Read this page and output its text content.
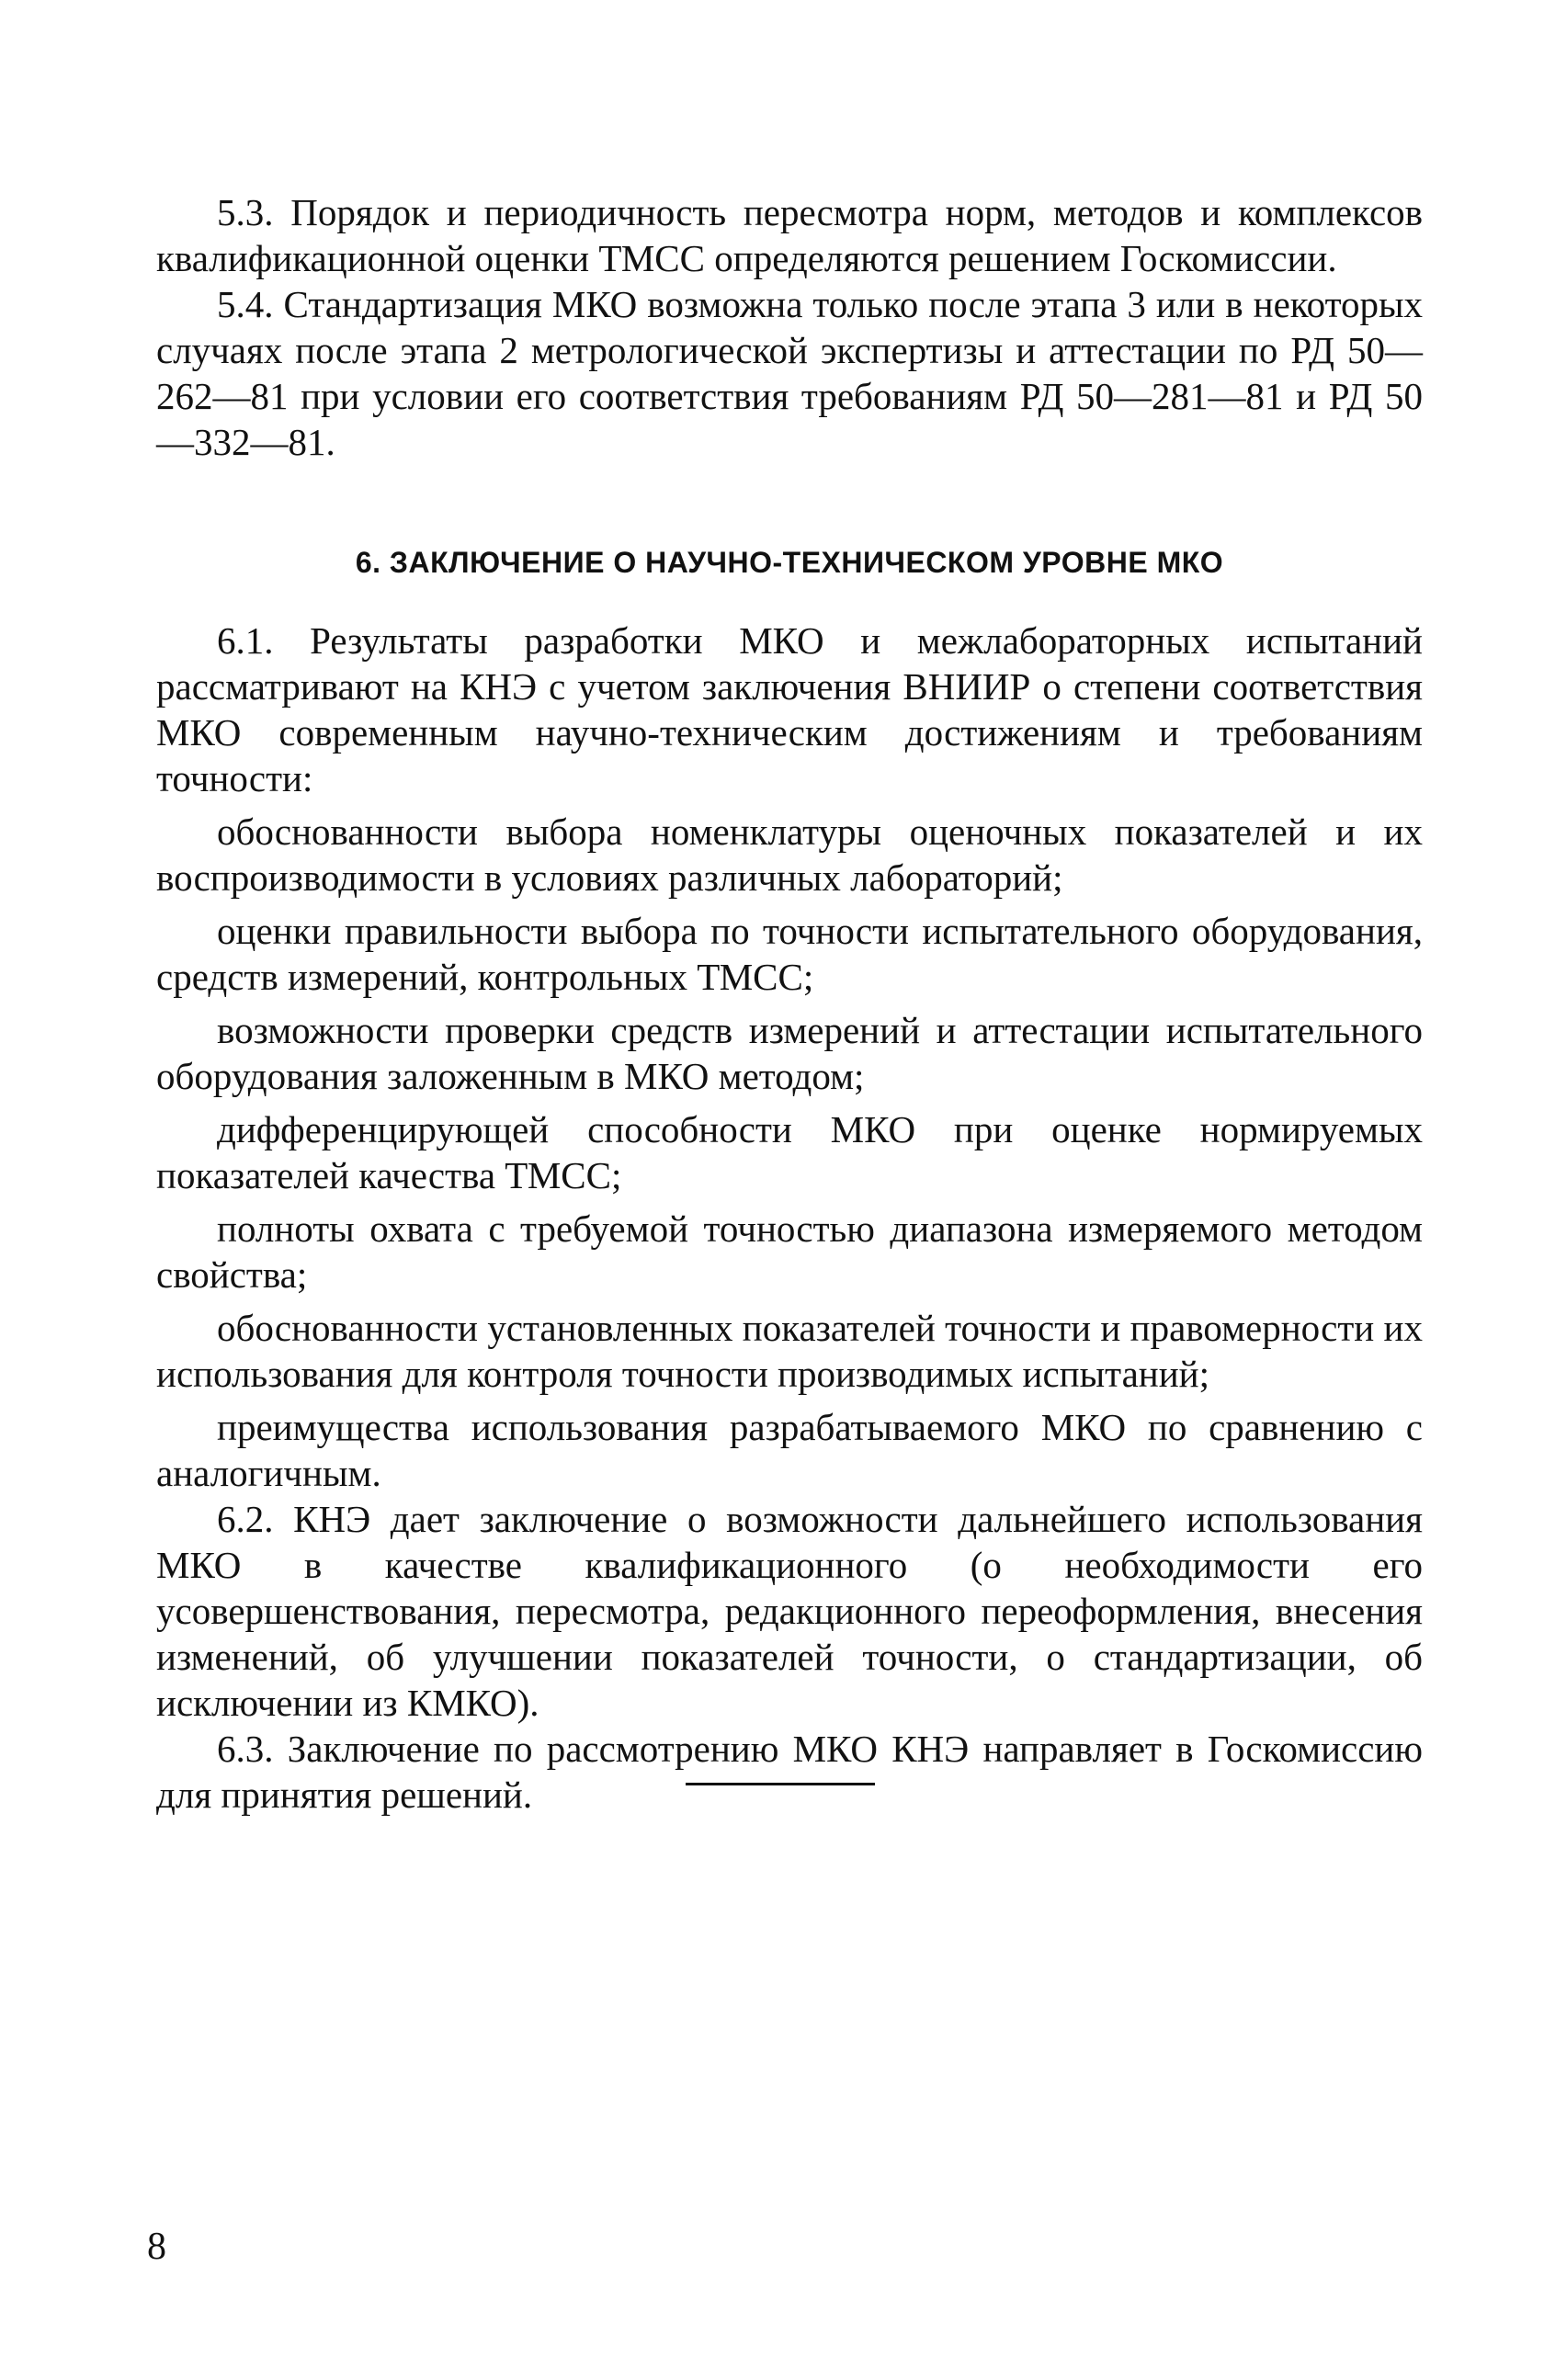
5.3. Порядок и периодичность пересмотра норм, методов и комплексов квалификационной оценки ТМСС определяются решением Госкомиссии.

5.4. Стандартизация МКО возможна только после этапа 3 или в некоторых случаях после этапа 2 метрологической экспертизы и аттестации по РД 50—262—81 при условии его соответствия требованиям РД 50—281—81 и РД 50—332—81.

6. ЗАКЛЮЧЕНИЕ О НАУЧНО-ТЕХНИЧЕСКОМ УРОВНЕ МКО

6.1. Результаты разработки МКО и межлабораторных испытаний рассматривают на КНЭ с учетом заключения ВНИИР о степени соответствия МКО современным научно-техническим достижениям и требованиям точности:

обоснованности выбора номенклатуры оценочных показателей и их воспроизводимости в условиях различных лабораторий;

оценки правильности выбора по точности испытательного оборудования, средств измерений, контрольных ТМСС;

возможности проверки средств измерений и аттестации испытательного оборудования заложенным в МКО методом;

дифференцирующей способности МКО при оценке нормируемых показателей качества ТМСС;

полноты охвата с требуемой точностью диапазона измеряемого методом свойства;

обоснованности установленных показателей точности и правомерности их использования для контроля точности производимых испытаний;

преимущества использования разрабатываемого МКО по сравнению с аналогичным.

6.2. КНЭ дает заключение о возможности дальнейшего использования МКО в качестве квалификационного (о необходимости его усовершенствования, пересмотра, редакционного переоформления, внесения изменений, об улучшении показателей точности, о стандартизации, об исключении из КМКО).

6.3. Заключение по рассмотрению МКО КНЭ направляет в Госкомиссию для принятия решений.

8
